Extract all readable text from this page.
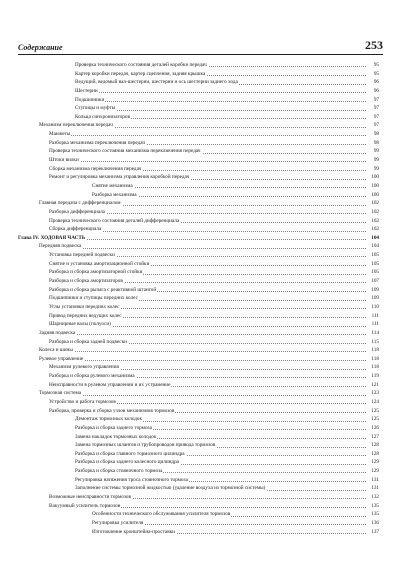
Содержание	253
Проверка технического состояния деталей коробки передач	95
Картер коробки передач, картер сцепления, задняя крышка	95
Ведущий, ведомый вал-шестерни, шестерни и ось шестерни заднего хода	96
Шестерни	96
Подшипники	97
Ступицы и муфты	97
Кольца синхронизаторов	97
Механизм переключения передач	97
Манжеты	98
Разборка механизма переключения передач	98
Проверка технического состояния механизма переключения передач	99
Штоки вилки	99
Сборка механизма переключения передач	99
Ремонт и регулировка механизма управления коробкой передач	100
Снятие механизма	100
Разборка механизма	100
Главная передача с дифференциалом	102
Разборка дифференциала	102
Проверка технического состояния деталей дифференциала	102
Сборка дифференциала	102
Глава IV. ХОДОВАЯ ЧАСТЬ	104
Передняя подвеска	104
Установка передней подвески	105
Снятие и установка амортизационной стойки	105
Разборка и сборка амортизаторной стойки	105
Разборка и сборка амортизаторов	107
Разборка и сборка рычага с реактивной штангой	109
Подшипники и ступицы передних колес	109
Углы установки передних колес	110
Привод передних ведущих колес	111
Шарнирные валы (полуоси)	111
Задняя подвеска	114
Разборка и сборка задней подвески	115
Колеса и шины	118
Рулевое управление	118
Механизм рулевого управления	118
Разборка и сборка рулевого механизма	119
Неисправности в рулевом управлении и их устранение	121
Тормозная система	123
Устройство и работа тормозов	124
Разборка, проверка и сборка узлов механизмов тормозов	125
Демонтаж тормозных колодок	125
Разборка и сборка заднего тормоза	126
Замена накладок тормозных колодок	127
Замена тормозных шлангов и трубопроводов привода тормозов	128
Разборка и сборка главного тормозного цилиндра	128
Разборка и сборка заднего колесного цилиндра	129
Разборка и сборка стояночного тормоза	129
Регулировка натяжения троса стояночного тормоза	131
Заполнение системы тормозной жидкостью (удаление воздуха из тормозной системы)	131
Возможные неисправности тормозов	132
Вакуумный усилитель тормозов	135
Особенности технического обслуживания усилителя тормозов	135
Регулировка усилителя	136
Изготовление кронштейна-проставки	137
